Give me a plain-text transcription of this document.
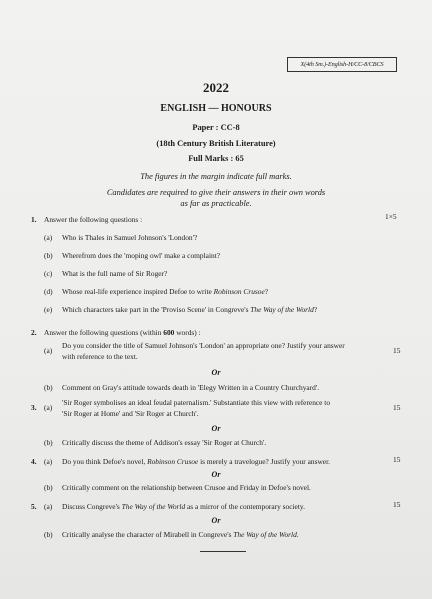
X(4th Sm.)-English-H/CC-8/CBCS
2022
ENGLISH — HONOURS
Paper : CC-8
(18th Century British Literature)
Full Marks : 65
The figures in the margin indicate full marks.
Candidates are required to give their answers in their own words
as far as practicable.
1. Answer the following questions :	1×5
(a) Who is Thales in Samuel Johnson's 'London'?
(b) Wherefrom does the 'moping owl' make a complaint?
(c) What is the full name of Sir Roger?
(d) Whose real-life experience inspired Defoe to write Robinson Crusoe?
(e) Which characters take part in the 'Proviso Scene' in Congreve's The Way of the World?
2. Answer the following questions (within 600 words) :
(a)
Do you consider the title of Samuel Johnson's 'London' an appropriate one? Justify your answer
with reference to the text.
15
Or
(b) Comment on Gray's attitude towards death in 'Elegy Written in a Country Churchyard'.
3. (a)
'Sir Roger symbolises an ideal feudal paternalism.' Substantiate this view with reference to
'Sir Roger at Home' and 'Sir Roger at Church'.
15
Or
(b) Critically discuss the theme of Addison's essay 'Sir Roger at Church'.
4. (a) Do you think Defoe's novel, Robinson Crusoe is merely a travelogue? Justify your answer.	15
Or
(b) Critically comment on the relationship between Crusoe and Friday in Defoe's novel.
5. (a) Discuss Congreve's The Way of the World as a mirror of the contemporary society.	15
Or
(b) Critically analyse the character of Mirabell in Congreve's The Way of the World.
